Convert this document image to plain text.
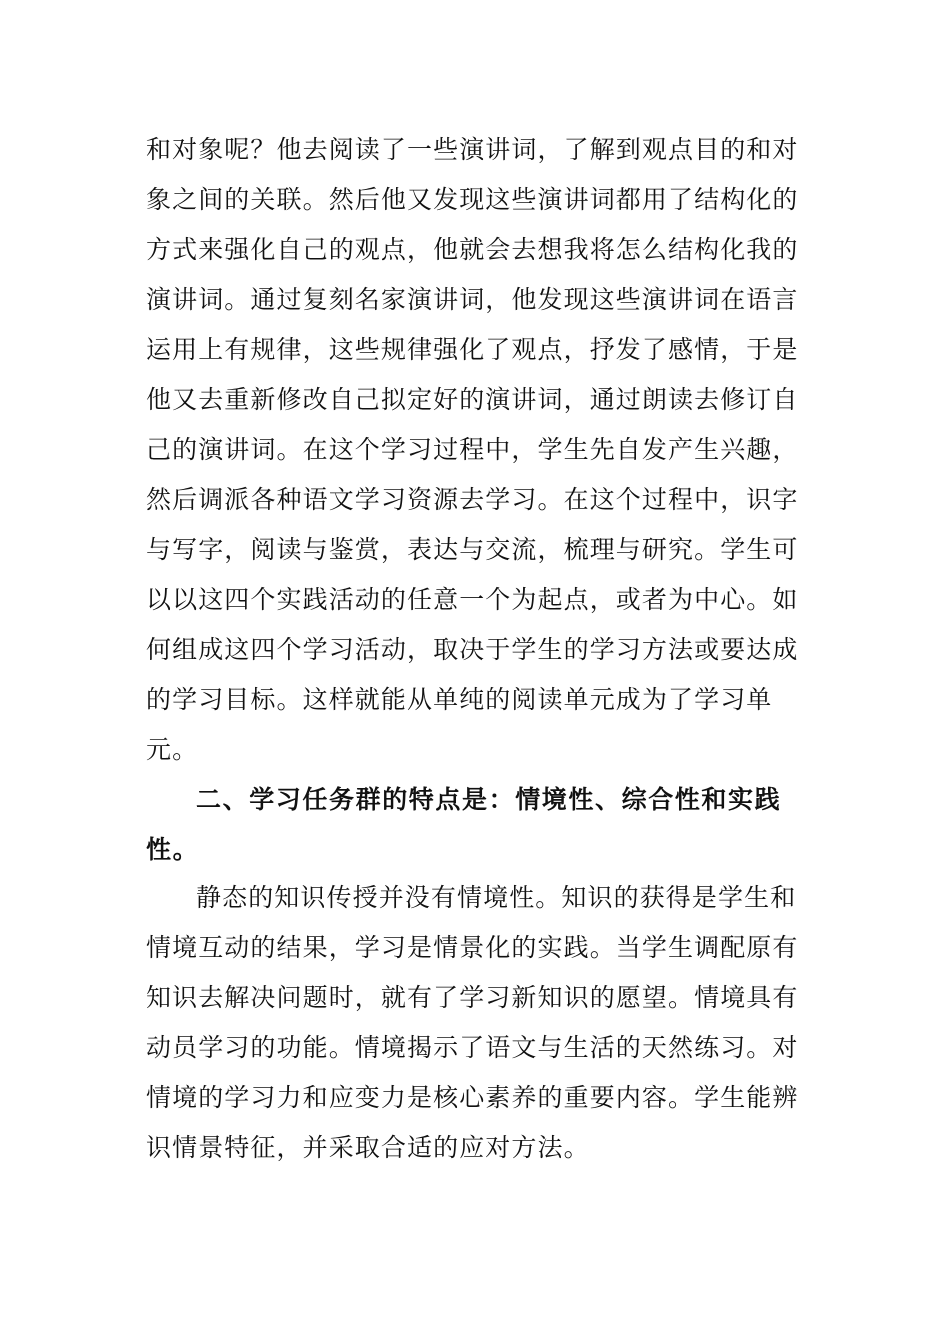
和对象呢？他去阅读了一些演讲词，了解到观点目的和对
象之间的关联。然后他又发现这些演讲词都用了结构化的
方式来强化自己的观点，他就会去想我将怎么结构化我的
演讲词。通过复刻名家演讲词，他发现这些演讲词在语言
运用上有规律，这些规律强化了观点，抒发了感情，于是
他又去重新修改自己拟定好的演讲词，通过朗读去修订自
己的演讲词。在这个学习过程中，学生先自发产生兴趣，
然后调派各种语文学习资源去学习。在这个过程中，识字
与写字，阅读与鉴赏，表达与交流，梳理与研究。学生可
以以这四个实践活动的任意一个为起点，或者为中心。如
何组成这四个学习活动，取决于学生的学习方法或要达成
的学习目标。这样就能从单纯的阅读单元成为了学习单
元。
二、学习任务群的特点是：情境性、综合性和实践
性。
静态的知识传授并没有情境性。知识的获得是学生和
情境互动的结果，学习是情景化的实践。当学生调配原有
知识去解决问题时，就有了学习新知识的愿望。情境具有
动员学习的功能。情境揭示了语文与生活的天然练习。对
情境的学习力和应变力是核心素养的重要内容。学生能辨
识情景特征，并采取合适的应对方法。
